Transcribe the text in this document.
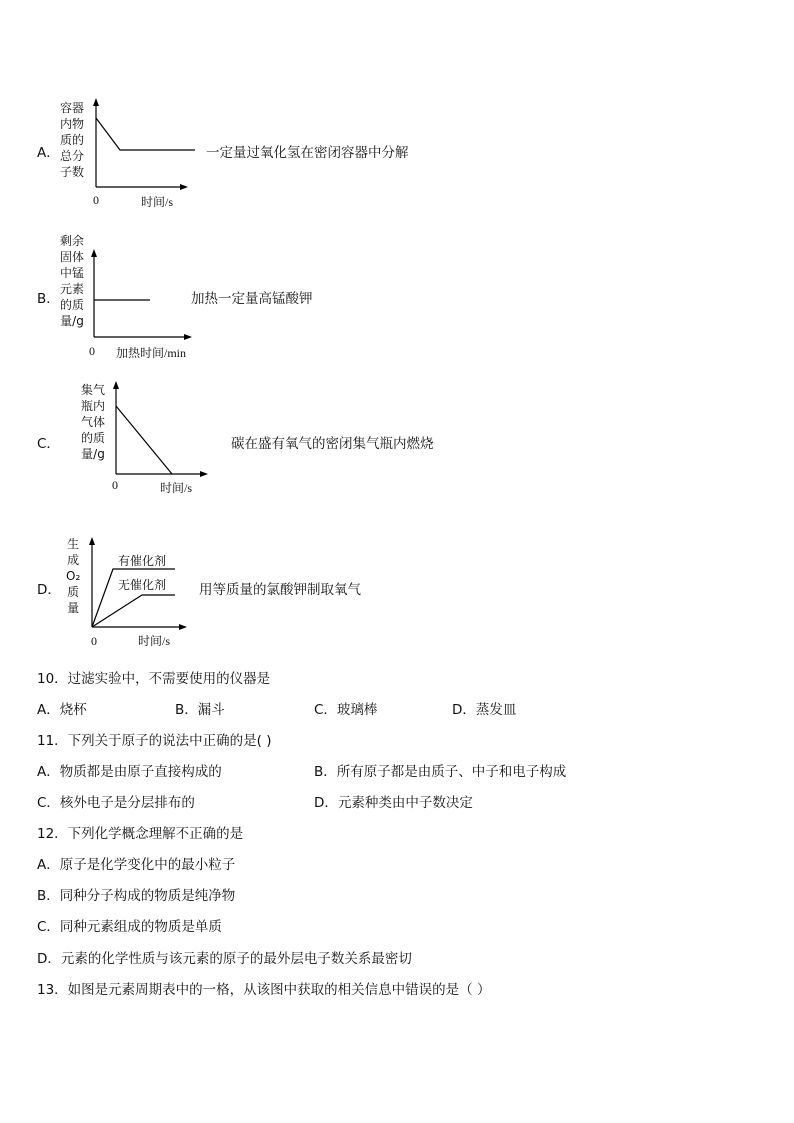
A．
容器
内物
质的
总分
子数
0	时间/s
一定量过氧化氢在密闭容器中分解
B．
剩余
固体
中锰
元素
的质
量/g
0 加热时间/min
加热一定量高锰酸钾
C．
集气
瓶内
气体
的质
量/g
0	时间/s
碳在盛有氧气的密闭集气瓶内燃烧
D．
生
成
O₂
质
量
有催化剂
无催化剂
0	时间/s
用等质量的氯酸钾制取氧气
10．过滤实验中，不需要使用的仪器是
A．烧杯	B．漏斗	C．玻璃棒	D．蒸发皿
11．下列关于原子的说法中正确的是( )
A．物质都是由原子直接构成的	B．所有原子都是由质子、中子和电子构成
C．核外电子是分层排布的	D．元素种类由中子数决定
12．下列化学概念理解不正确的是
A．原子是化学变化中的最小粒子
B．同种分子构成的物质是纯净物
C．同种元素组成的物质是单质
D．元素的化学性质与该元素的原子的最外层电子数关系最密切
13．如图是元素周期表中的一格，从该图中获取的相关信息中错误的是（ ）
